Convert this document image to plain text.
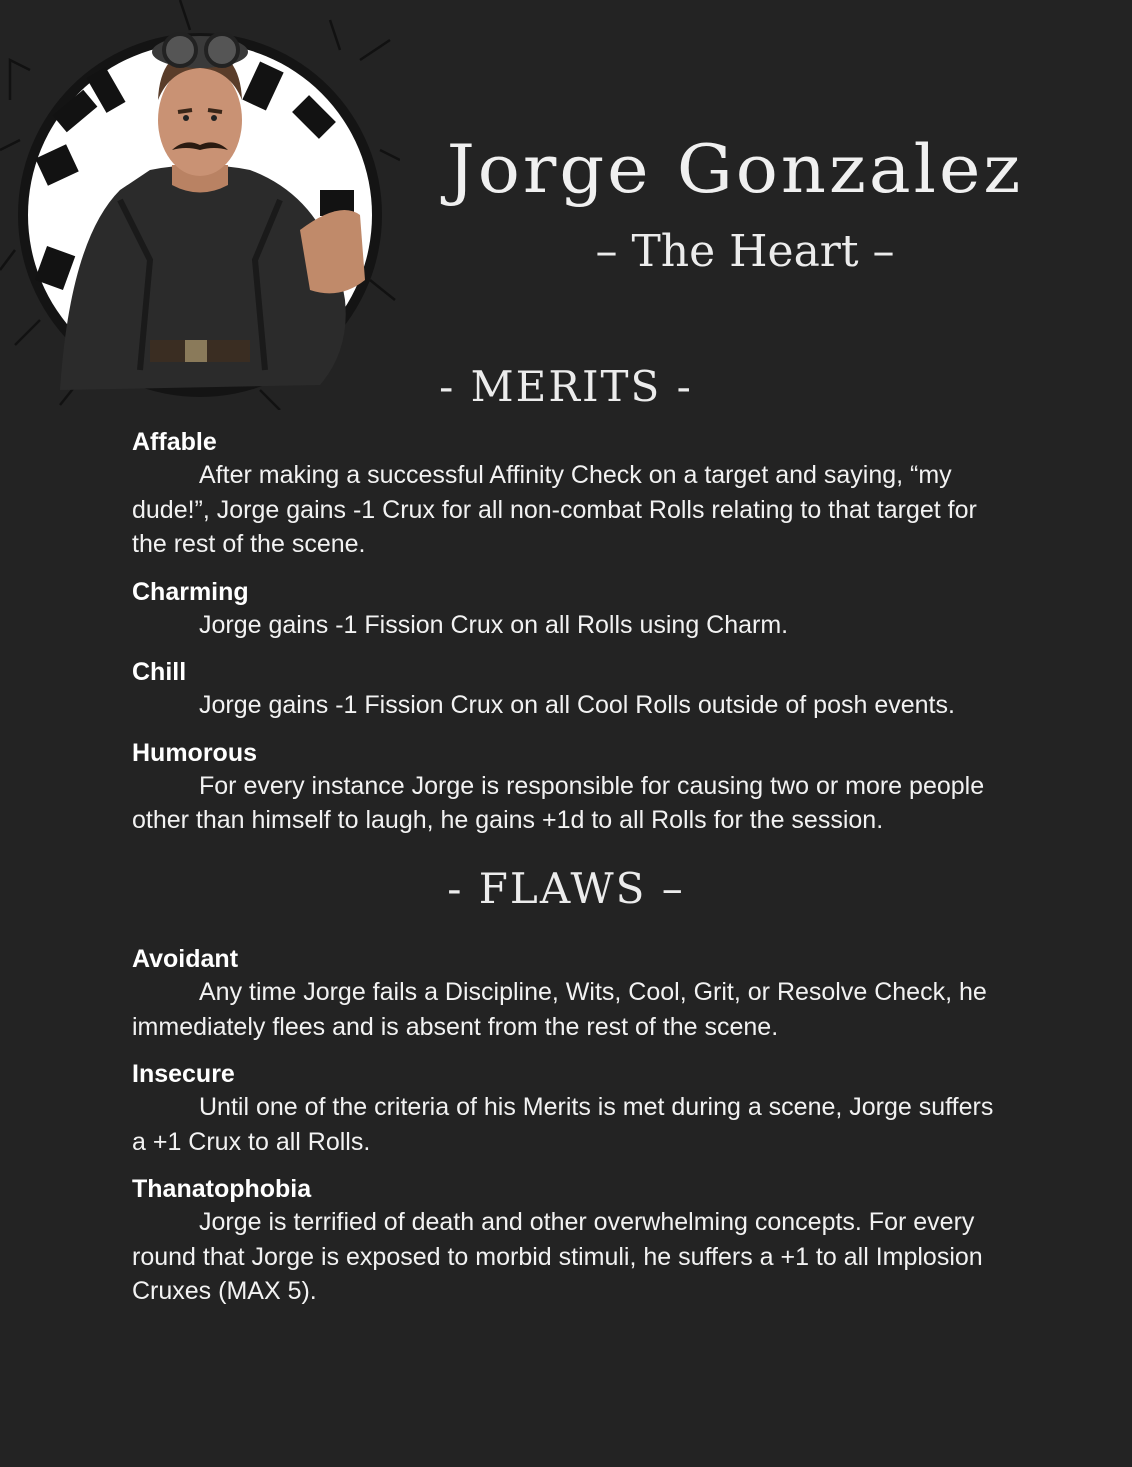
Jorge Gonzalez
– The Heart –
- MERITS -
Affable
After making a successful Affinity Check on a target and saying, “my dude!”, Jorge gains -1 Crux for all non-combat Rolls relating to that target for the rest of the scene.
Charming
Jorge gains -1 Fission Crux on all Rolls using Charm.
Chill
Jorge gains -1 Fission Crux on all Cool Rolls outside of posh events.
Humorous
For every instance Jorge is responsible for causing two or more people other than himself to laugh, he gains +1d to all Rolls for the session.
- FLAWS –
Avoidant
Any time Jorge fails a Discipline, Wits, Cool, Grit, or Resolve Check, he immediately flees and is absent from the rest of the scene.
Insecure
Until one of the criteria of his Merits is met during a scene, Jorge suffers a +1 Crux to all Rolls.
Thanatophobia
Jorge is terrified of death and other overwhelming concepts. For every round that Jorge is exposed to morbid stimuli, he suffers a +1 to all Implosion Cruxes (MAX 5).
